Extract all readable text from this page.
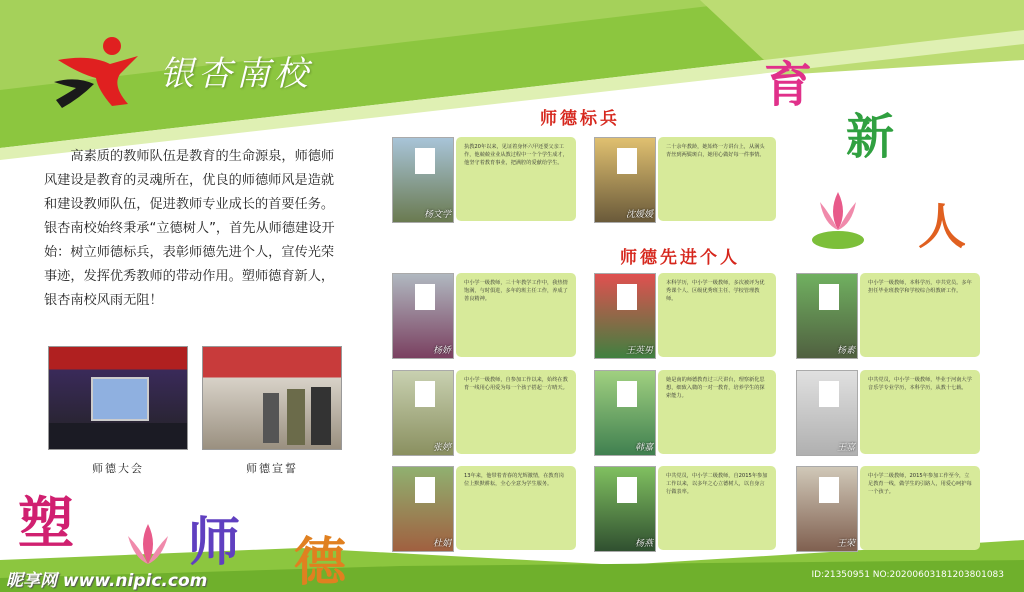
银杏南校
高素质的教师队伍是教育的生命源泉，师德师风建设是教育的灵魂所在，优良的师德师风是造就和建设教师队伍，促进教师专业成长的首要任务。银杏南校始终秉承“立德树人”，首先从师德建设开始：树立师德标兵，表彰师德先进个人，宣传光荣事迹，发挥优秀教师的带动作用。塑师德育新人，银杏南校风雨无阻！
师德大会	师德宣誓
师德标兵
师德先进个人
育
新
人
塑 师 德
杨文学
执教20年以来，见证着身怀六甲还要父亲工作，他兢兢业业从教过程中一个个学生成才，他坚守着教育事业，把满腔的爱献给学生。
沈媛媛
二十余年教龄，她始终一方讲台上，从满头青丝到两鬓斑白，她用心做好每一件事情。
杨娇
中小学一级教师，三十年教学工作中，我热情饱满，与时俱进，多年的班主任工作，养成了善良精神。
王英男
本科学历，中小学一级教师，多次被评为优秀课个人、区级优秀班主任、学校管理教师。
杨素
中小学一级教师，本科学历，中共党员。多年担任毕业班教学和学校综合组教研工作。
张婷
中小学一级教师，自参加工作以来，始终在教育一线用心用爱为每一个孩子搭起一方晴天。
韩嘉
她是南的师德教育过三尺讲台，理察新化思想，细致入微的一对一教育，培养学生的探索能力。
王嘉
中共党员，中小学一级教师，毕业于河南大学音乐学专业学历，本科学历，从教十七载。
杜娟
13年来，他带着青春的光辉激情，在教育岗位上默默耕耘，全心全意为学生服务。
杨燕
中共党员，中小学二级教师，自2015年参加工作以来，以多年之心立德树人，以自身言行做表率。
王荣
中小学二级教师，2015年参加工作至今，立足教育一线，做学生的引路人，用爱心呵护每一个孩子。
昵享网 www.nipic.com	ID:21350951 NO:20200603181203801083
